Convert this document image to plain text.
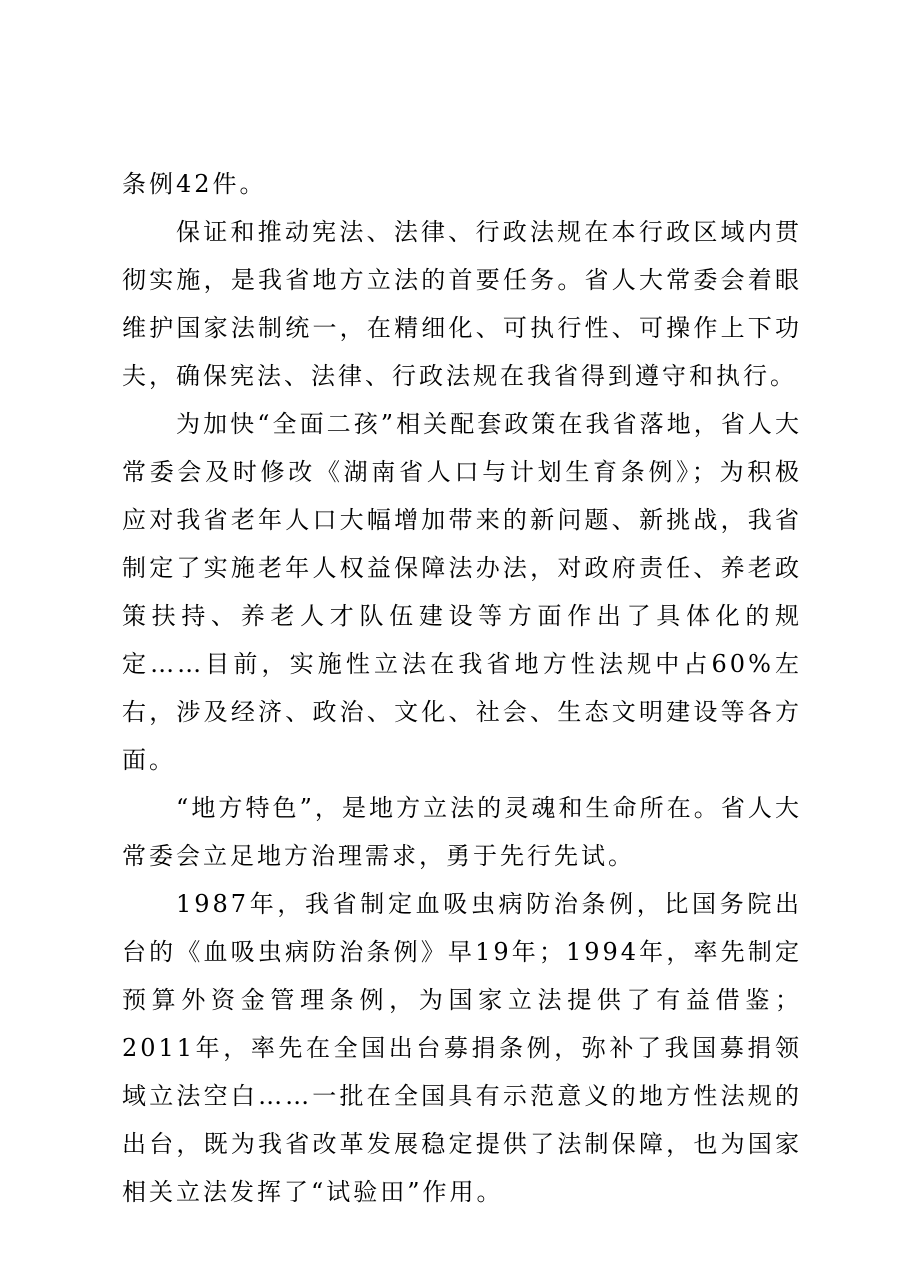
条例42件。

保证和推动宪法、法律、行政法规在本行政区域内贯彻实施，是我省地方立法的首要任务。省人大常委会着眼维护国家法制统一，在精细化、可执行性、可操作上下功夫，确保宪法、法律、行政法规在我省得到遵守和执行。

为加快“全面二孩”相关配套政策在我省落地，省人大常委会及时修改《湖南省人口与计划生育条例》；为积极应对我省老年人口大幅增加带来的新问题、新挑战，我省制定了实施老年人权益保障法办法，对政府责任、养老政策扶持、养老人才队伍建设等方面作出了具体化的规定……目前，实施性立法在我省地方性法规中占60%左右，涉及经济、政治、文化、社会、生态文明建设等各方面。

“地方特色”，是地方立法的灵魂和生命所在。省人大常委会立足地方治理需求，勇于先行先试。

1987年，我省制定血吸虫病防治条例，比国务院出台的《血吸虫病防治条例》早19年；1994年，率先制定预算外资金管理条例，为国家立法提供了有益借鉴；2011年，率先在全国出台募捐条例，弥补了我国募捐领域立法空白……一批在全国具有示范意义的地方性法规的出台，既为我省改革发展稳定提供了法制保障，也为国家相关立法发挥了“试验田”作用。
